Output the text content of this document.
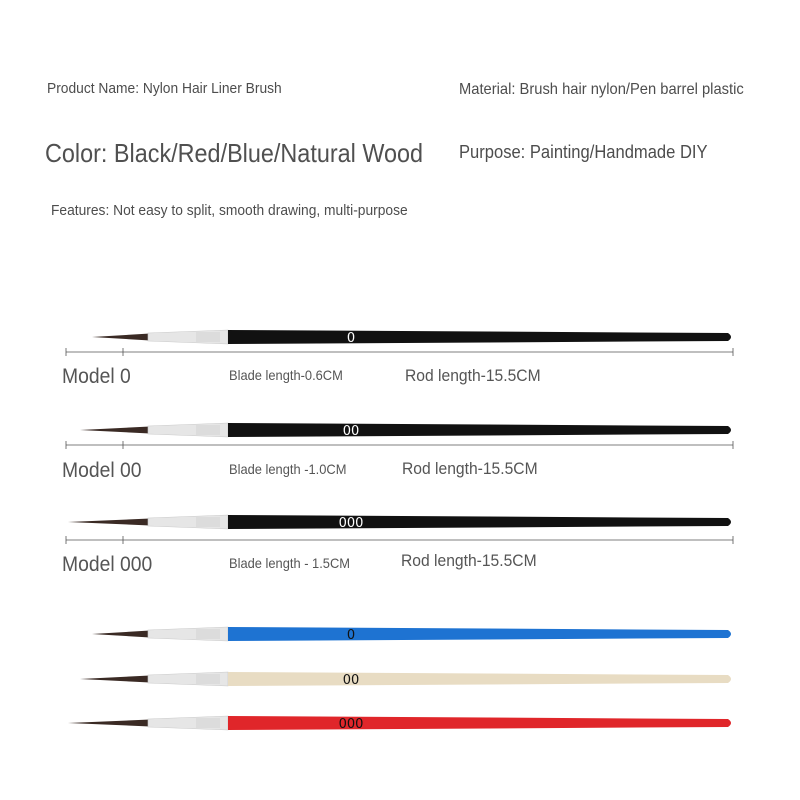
Product Name: Nylon Hair Liner Brush	Material: Brush hair nylon/Pen barrel plastic
Color: Black/Red/Blue/Natural Wood Purpose: Painting/Handmade DIY
Features: Not easy to split, smooth drawing, multi-purpose
0
Model 0	Blade length-0.6CM	Rod length-15.5CM
00
Model 00	Blade length -1.0CM	Rod length-15.5CM
000
Model 000	Blade length - 1.5CM	Rod length-15.5CM
0
00
000
